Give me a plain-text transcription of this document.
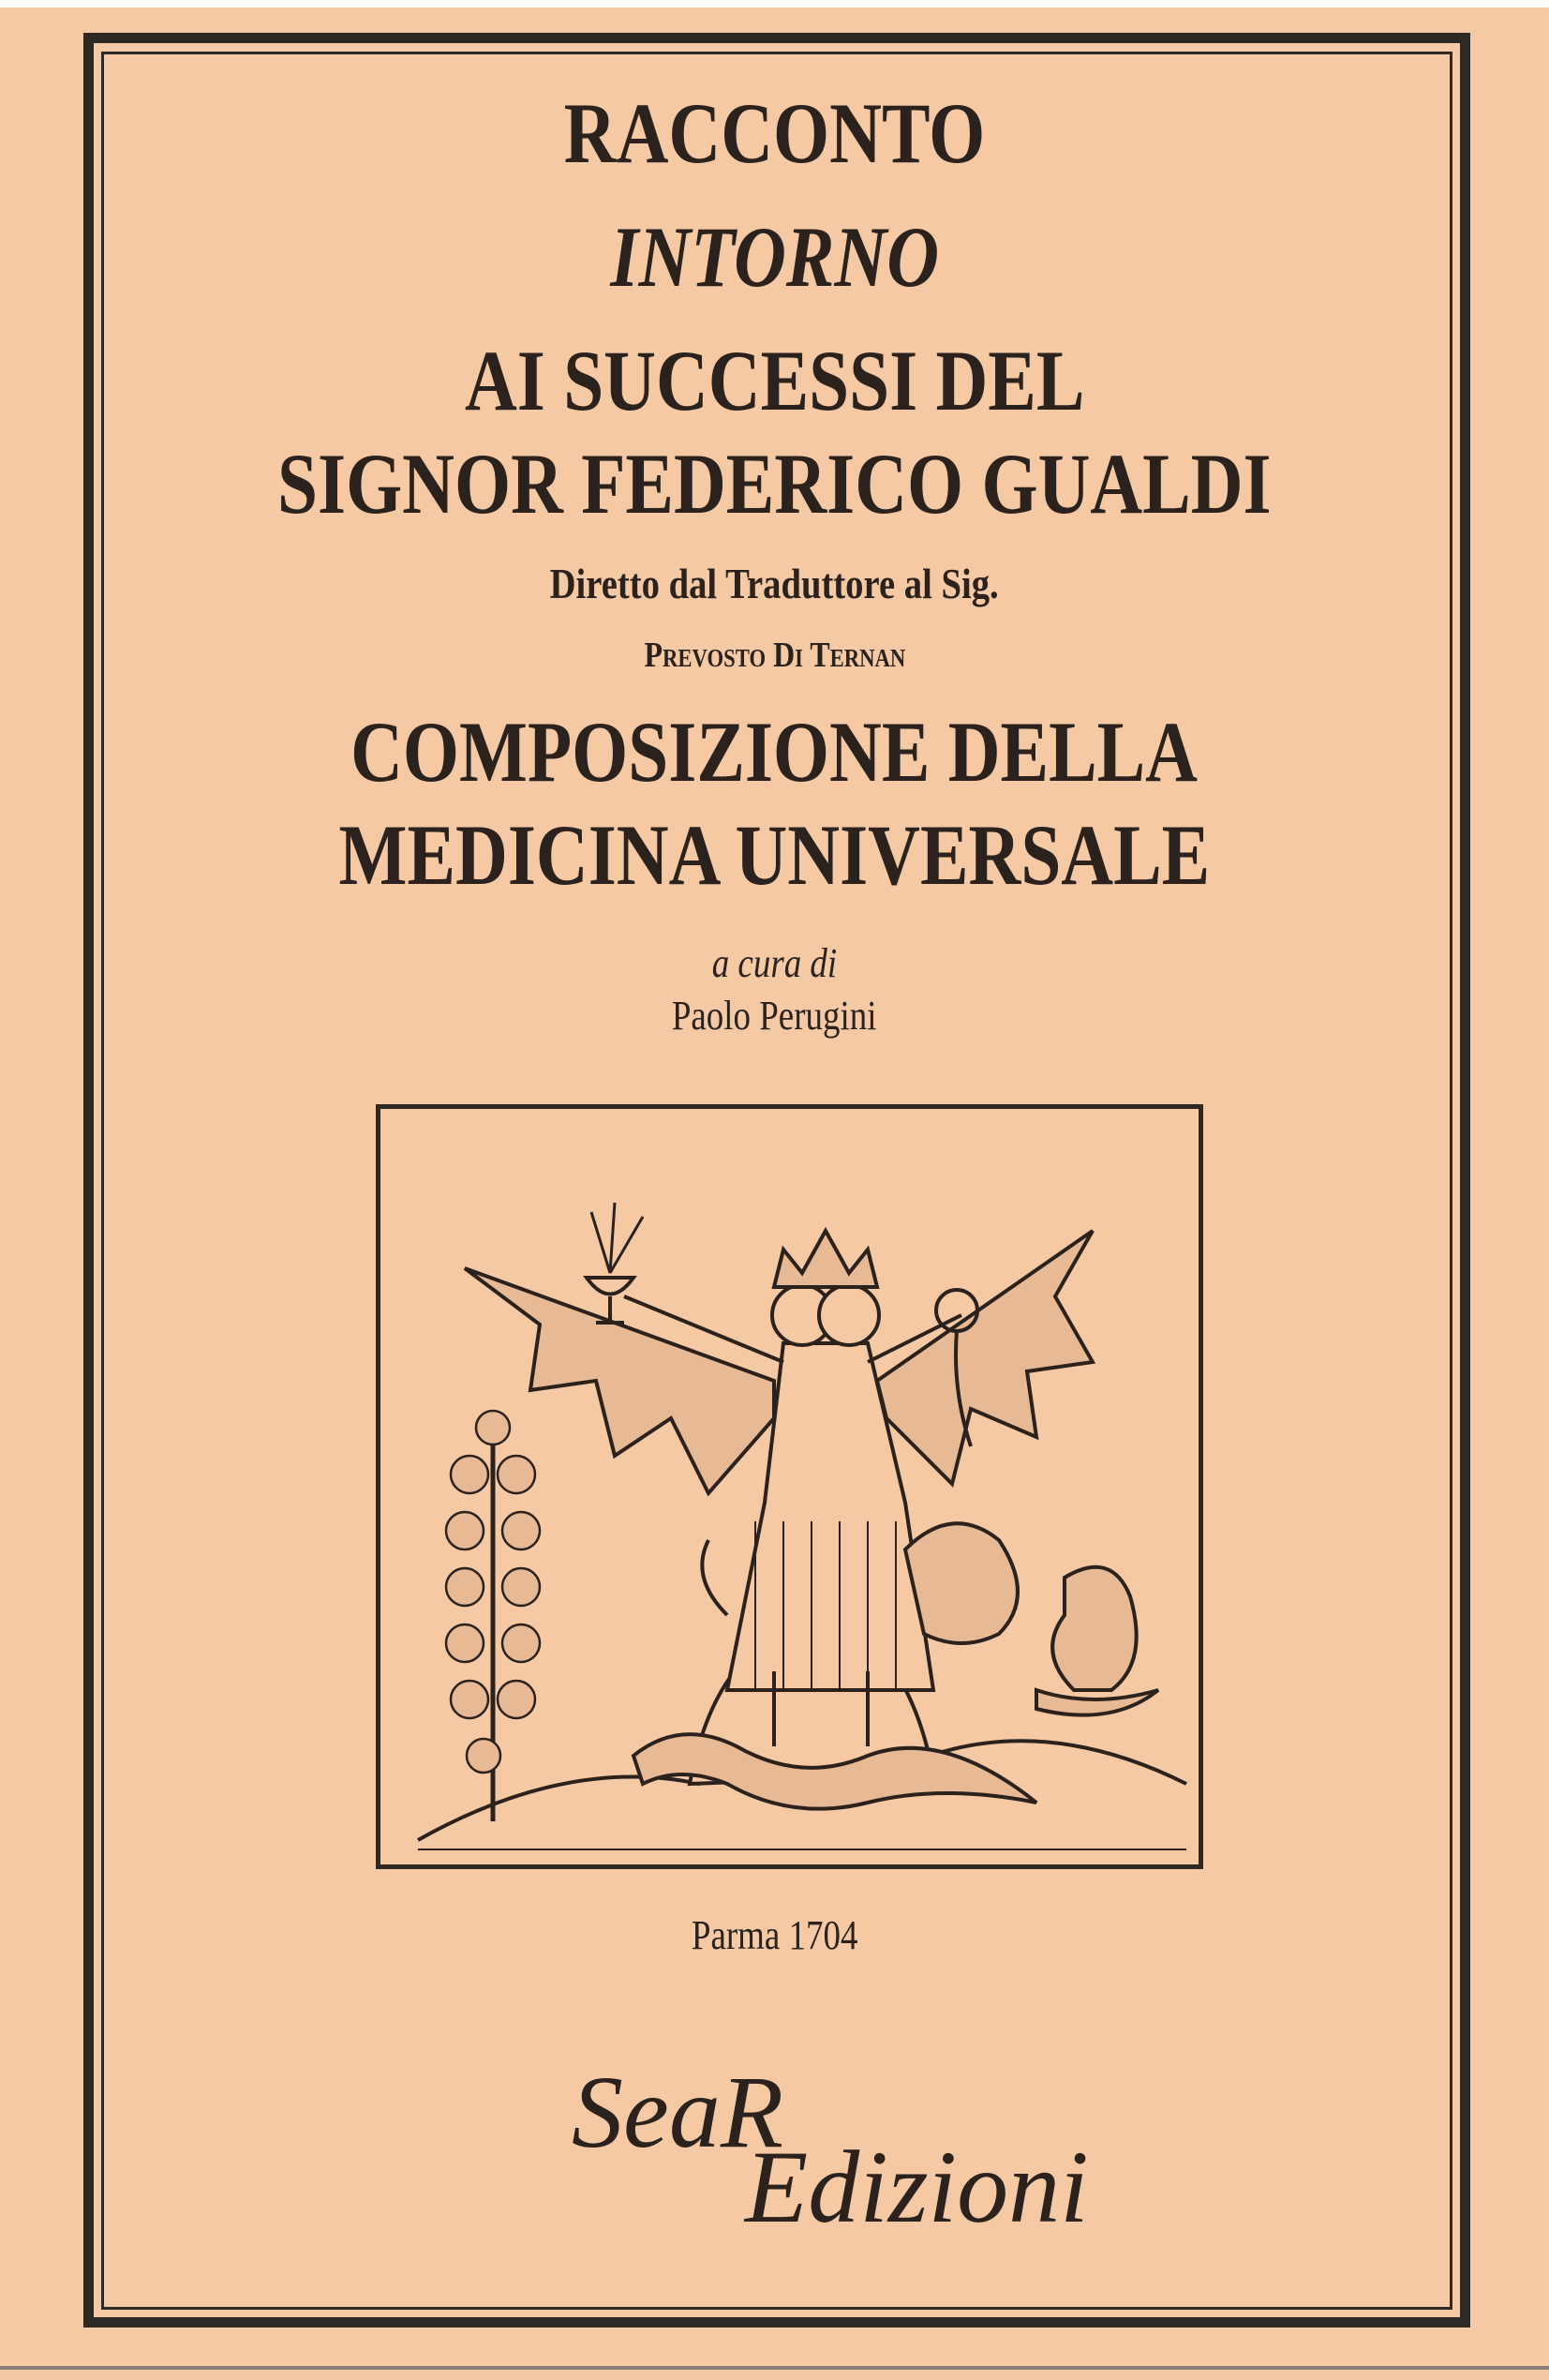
RACCONTO
INTORNO
AI SUCCESSI DEL
SIGNOR FEDERICO GUALDI
Diretto dal Traduttore al Sig.
Prevosto Di Ternan
COMPOSIZIONE DELLA
MEDICINA UNIVERSALE
a cura di
Paolo Perugini
Parma 1704
SeaR
Edizioni
